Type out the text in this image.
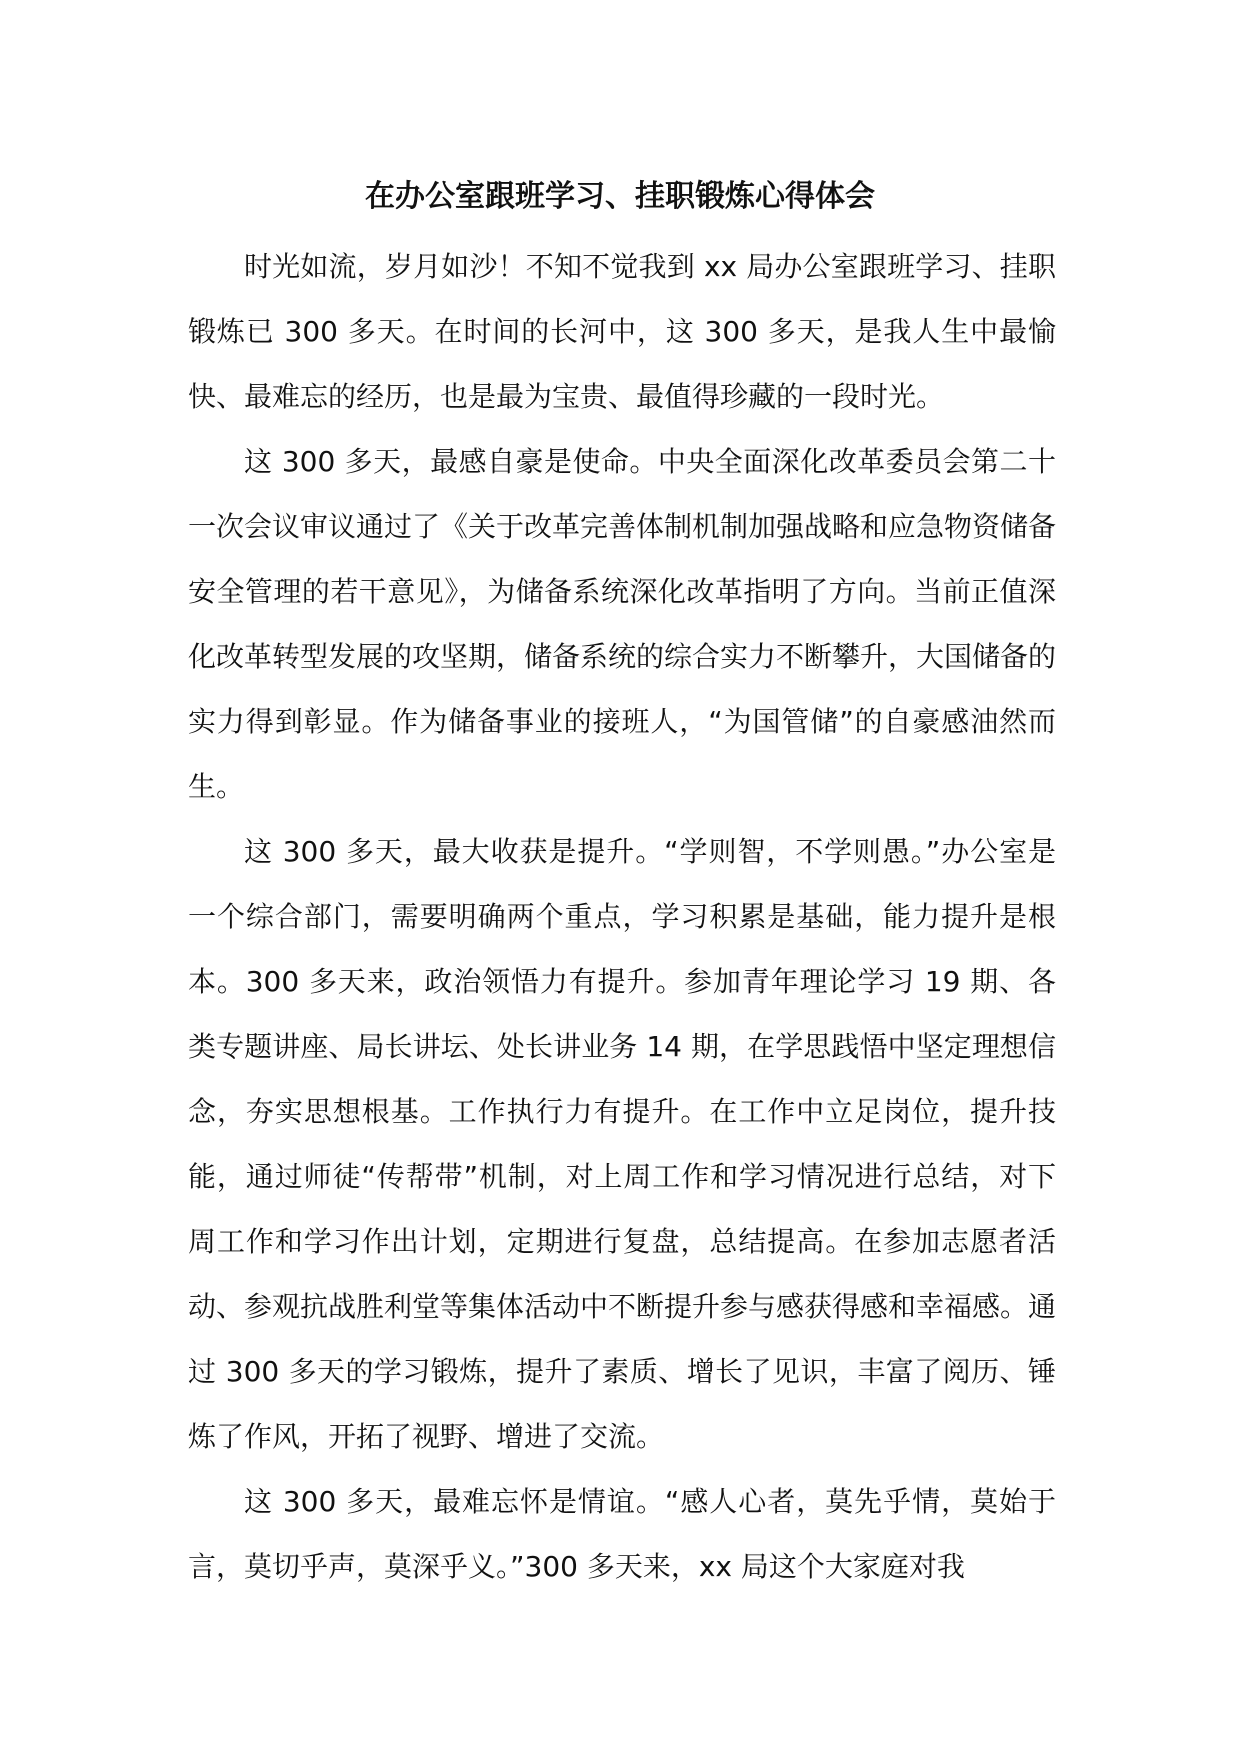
在办公室跟班学习、挂职锻炼心得体会

时光如流，岁月如沙！不知不觉我到 xx 局办公室跟班学习、挂职锻炼已 300 多天。在时间的长河中，这 300 多天，是我人生中最愉快、最难忘的经历，也是最为宝贵、最值得珍藏的一段时光。

这 300 多天，最感自豪是使命。中央全面深化改革委员会第二十一次会议审议通过了《关于改革完善体制机制加强战略和应急物资储备安全管理的若干意见》，为储备系统深化改革指明了方向。当前正值深化改革转型发展的攻坚期，储备系统的综合实力不断攀升，大国储备的实力得到彰显。作为储备事业的接班人，“为国管储”的自豪感油然而生。

这 300 多天，最大收获是提升。“学则智，不学则愚。”办公室是一个综合部门，需要明确两个重点，学习积累是基础，能力提升是根本。300 多天来，政治领悟力有提升。参加青年理论学习 19 期、各类专题讲座、局长讲坛、处长讲业务 14 期，在学思践悟中坚定理想信念，夯实思想根基。工作执行力有提升。在工作中立足岗位，提升技能，通过师徒“传帮带”机制，对上周工作和学习情况进行总结，对下周工作和学习作出计划，定期进行复盘，总结提高。在参加志愿者活动、参观抗战胜利堂等集体活动中不断提升参与感获得感和幸福感。通过 300 多天的学习锻炼，提升了素质、增长了见识，丰富了阅历、锤炼了作风，开拓了视野、增进了交流。

这 300 多天，最难忘怀是情谊。“感人心者，莫先乎情，莫始于言，莫切乎声，莫深乎义。”300 多天来，xx 局这个大家庭对我
